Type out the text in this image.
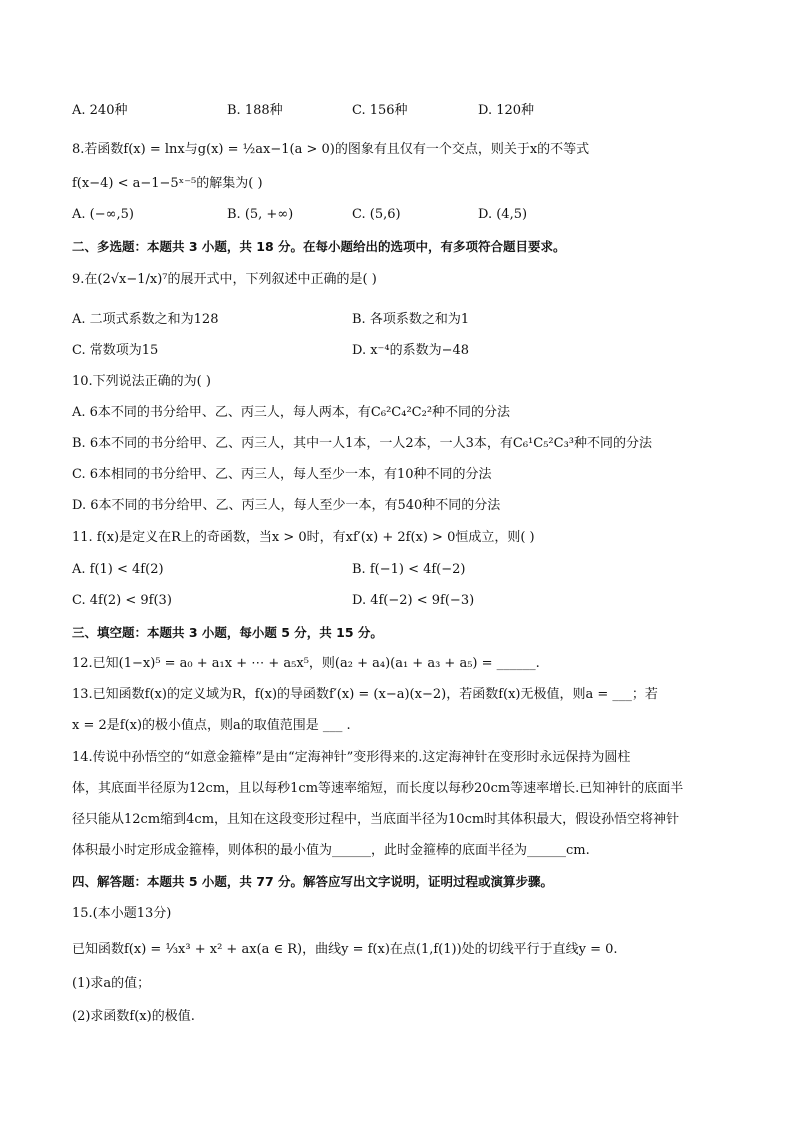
A. 240种	B. 188种	C. 156种	D. 120种
8.若函数f(x) = lnx与g(x) = ½ax−1(a > 0)的图象有且仅有一个交点，则关于x的不等式
f(x−4) < a−1−5ˣ⁻⁵的解集为( )
A. (−∞,5)	B. (5, +∞)	C. (5,6)	D. (4,5)
二、多选题：本题共 3 小题，共 18 分。在每小题给出的选项中，有多项符合题目要求。
9.在(2√x−1/x)⁷的展开式中，下列叙述中正确的是( )
A. 二项式系数之和为128	B. 各项系数之和为1
C. 常数项为15	D. x⁻⁴的系数为−48
10.下列说法正确的为( )
A. 6本不同的书分给甲、乙、丙三人，每人两本，有C₆²C₄²C₂²种不同的分法
B. 6本不同的书分给甲、乙、丙三人，其中一人1本，一人2本，一人3本，有C₆¹C₅²C₃³种不同的分法
C. 6本相同的书分给甲、乙、丙三人，每人至少一本，有10种不同的分法
D. 6本不同的书分给甲、乙、丙三人，每人至少一本，有540种不同的分法
11. f(x)是定义在R上的奇函数，当x > 0时，有xf′(x) + 2f(x) > 0恒成立，则( )
A. f(1) < 4f(2)	B. f(−1) < 4f(−2)
C. 4f(2) < 9f(3)	D. 4f(−2) < 9f(−3)
三、填空题：本题共 3 小题，每小题 5 分，共 15 分。
12.已知(1−x)⁵ = a₀ + a₁x + ⋯ + a₅x⁵，则(a₂ + a₄)(a₁ + a₃ + a₅) = ______.
13.已知函数f(x)的定义域为R，f(x)的导函数f′(x) = (x−a)(x−2)，若函数f(x)无极值，则a = ___；若
x = 2是f(x)的极小值点，则a的取值范围是 ___ .
14.传说中孙悟空的“如意金箍棒”是由“定海神针”变形得来的.这定海神针在变形时永远保持为圆柱
体，其底面半径原为12cm，且以每秒1cm等速率缩短，而长度以每秒20cm等速率增长.已知神针的底面半
径只能从12cm缩到4cm，且知在这段变形过程中，当底面半径为10cm时其体积最大，假设孙悟空将神针
体积最小时定形成金箍棒，则体积的最小值为______，此时金箍棒的底面半径为______cm.
四、解答题：本题共 5 小题，共 77 分。解答应写出文字说明，证明过程或演算步骤。
15.(本小题13分)
已知函数f(x) = ⅓x³ + x² + ax(a ∈ R)，曲线y = f(x)在点(1,f(1))处的切线平行于直线y = 0.
(1)求a的值；
(2)求函数f(x)的极值.
